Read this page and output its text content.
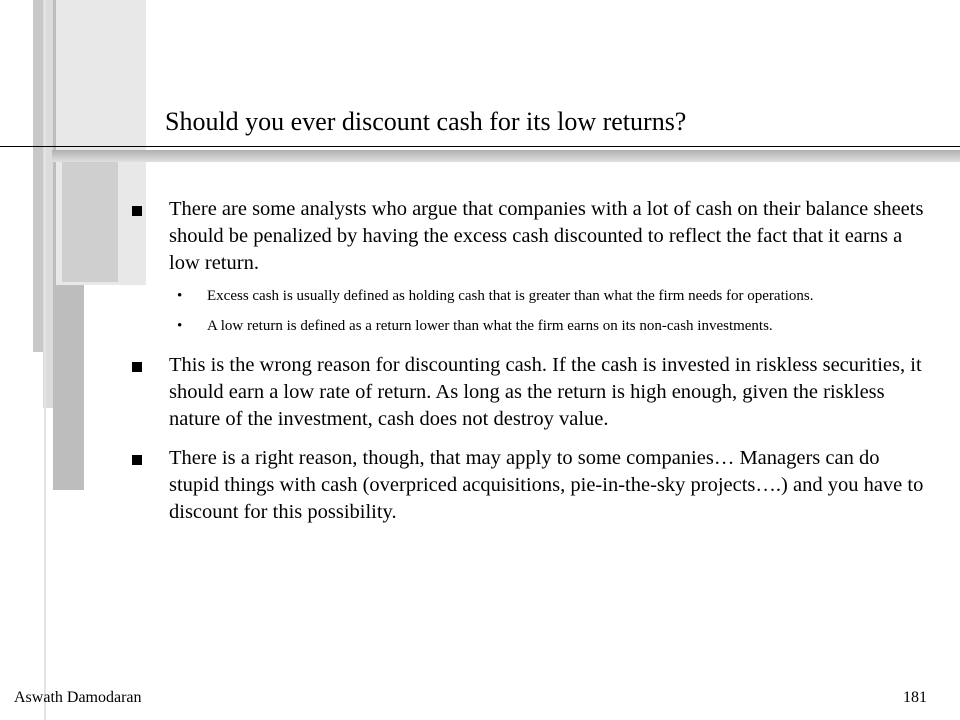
Should you ever discount cash for its low returns?
There are some analysts who argue that companies with a lot of cash on their balance sheets should be penalized by having the excess cash discounted to reflect the fact that it earns a low return.
• Excess cash is usually defined as holding cash that is greater than what the firm needs for operations.
• A low return is defined as a return lower than what the firm earns on its non-cash investments.
This is the wrong reason for discounting cash. If the cash is invested in riskless securities, it should earn a low rate of return. As long as the return is high enough, given the riskless nature of the investment, cash does not destroy value.
There is a right reason, though, that may apply to some companies… Managers can do stupid things with cash (overpriced acquisitions, pie-in-the-sky projects….) and you have to discount for this possibility.
Aswath Damodaran	181
